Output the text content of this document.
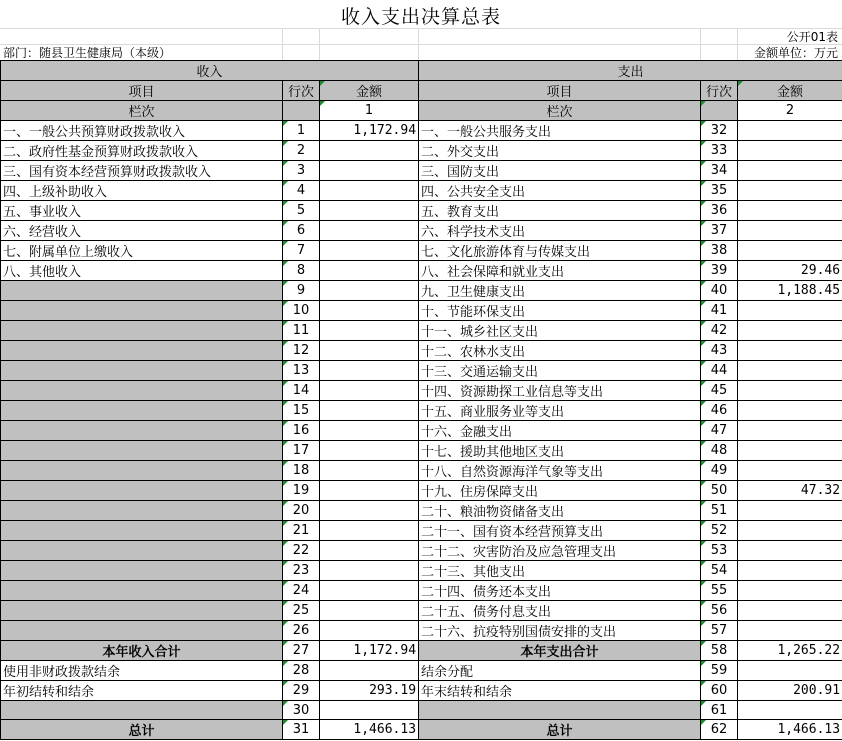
收入支出决算总表
公开01表
部门：随县卫生健康局（本级）	金额单位：万元
收入			支出		
项目	行次	金额	项目	行次	金额
栏次		1	栏次		2
一、一般公共预算财政拨款收入	1	1,172.94	一、一般公共服务支出	32	
二、政府性基金预算财政拨款收入	2		二、外交支出	33	
三、国有资本经营预算财政拨款收入	3		三、国防支出	34	
四、上级补助收入	4		四、公共安全支出	35	
五、事业收入	5		五、教育支出	36	
六、经营收入	6		六、科学技术支出	37	
七、附属单位上缴收入	7		七、文化旅游体育与传媒支出	38	
八、其他收入	8		八、社会保障和就业支出	39	29.46
	9		九、卫生健康支出	40	1,188.45
	10		十、节能环保支出	41	
	11		十一、城乡社区支出	42	
	12		十二、农林水支出	43	
	13		十三、交通运输支出	44	
	14		十四、资源勘探工业信息等支出	45	
	15		十五、商业服务业等支出	46	
	16		十六、金融支出	47	
	17		十七、援助其他地区支出	48	
	18		十八、自然资源海洋气象等支出	49	
	19		十九、住房保障支出	50	47.32
	20		二十、粮油物资储备支出	51	
	21		二十一、国有资本经营预算支出	52	
	22		二十二、灾害防治及应急管理支出	53	
	23		二十三、其他支出	54	
	24		二十四、债务还本支出	55	
	25		二十五、债务付息支出	56	
	26		二十六、抗疫特别国债安排的支出	57	
本年收入合计	27	1,172.94	本年支出合计	58	1,265.22
使用非财政拨款结余	28		结余分配	59	
年初结转和结余	29	293.19	年末结转和结余	60	200.91
	30			61	
总计	31	1,466.13	总计	62	1,466.13
